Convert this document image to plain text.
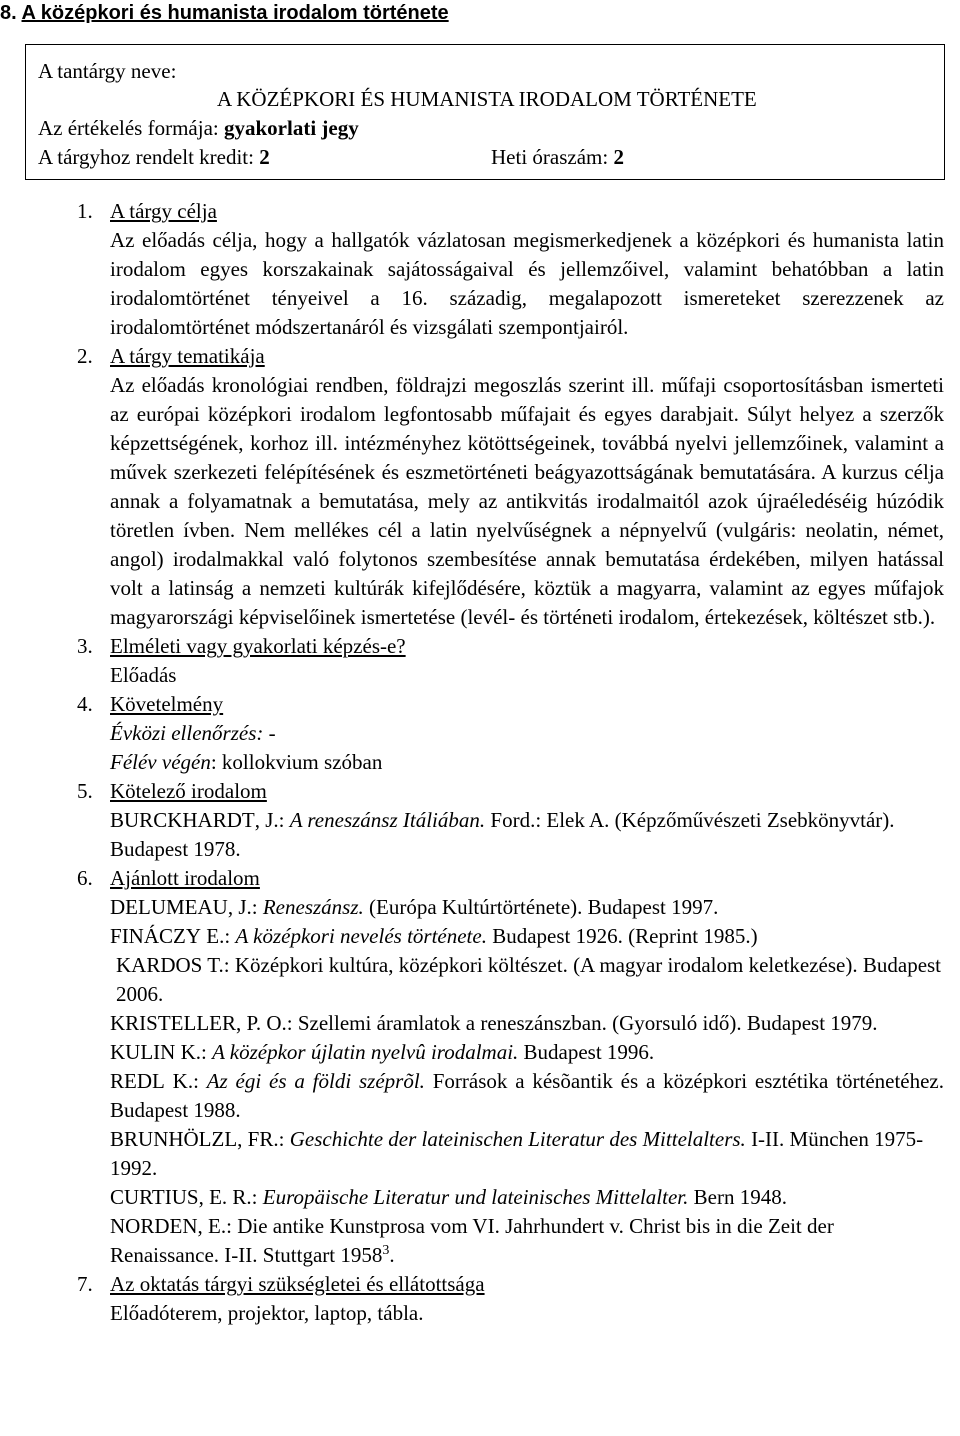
8. A középkori és humanista irodalom története
A tantárgy neve:
A KÖZÉPKORI ÉS HUMANISTA IRODALOM TÖRTÉNETE
Az értékelés formája: gyakorlati jegy
A tárgyhoz rendelt kredit: 2	Heti óraszám: 2
1. A tárgy célja
Az előadás célja, hogy a hallgatók vázlatosan megismerkedjenek a középkori és humanista latin irodalom egyes korszakainak sajátosságaival és jellemzőivel, valamint behatóbban a latin irodalomtörténet tényeivel a 16. századig, megalapozott ismereteket szerezzenek az irodalomtörténet módszertanáról és vizsgálati szempontjairól.
2. A tárgy tematikája
Az előadás kronológiai rendben, földrajzi megoszlás szerint ill. műfaji csoportosításban ismerteti az európai középkori irodalom legfontosabb műfajait és egyes darabjait. Súlyt helyez a szerzők képzettségének, korhoz ill. intézményhez kötöttségeinek, továbbá nyelvi jellemzőinek, valamint a művek szerkezeti felépítésének és eszmetörténeti beágyazottságának bemutatására. A kurzus célja annak a folyamatnak a bemutatása, mely az antikvitás irodalmaitól azok újraéledéséig húzódik töretlen ívben. Nem mellékes cél a latin nyelvűségnek a népnyelvű (vulgáris: neolatin, német, angol) irodalmakkal való folytonos szembesítése annak bemutatása érdekében, milyen hatással volt a latinság a nemzeti kultúrák kifejlődésére, köztük a magyarra, valamint az egyes műfajok magyarországi képviselőinek ismertetése (levél- és történeti irodalom, értekezések, költészet stb.).
3. Elméleti vagy gyakorlati képzés-e?
Előadás
4. Követelmény
Évközi ellenőrzés: -
Félév végén: kollokvium szóban
5. Kötelező irodalom
BURCKHARDT, J.: A reneszánsz Itáliában. Ford.: Elek A. (Képzőművészeti Zsebkönyvtár). Budapest 1978.
6. Ajánlott irodalom
DELUMEAU, J.: Reneszánsz. (Európa Kultúrtörténete). Budapest 1997.
FINÁCZY E.: A középkori nevelés története. Budapest 1926. (Reprint 1985.)
KARDOS T.: Középkori kultúra, középkori költészet. (A magyar irodalom keletkezése). Budapest 2006.
KRISTELLER, P. O.: Szellemi áramlatok a reneszánszban. (Gyorsuló idő). Budapest 1979.
KULIN K.: A középkor újlatin nyelvû irodalmai. Budapest 1996.
REDL K.: Az égi és a földi széprõl. Források a késõantik és a középkori esztétika történetéhez. Budapest 1988.
BRUNHÖLZL, FR.: Geschichte der lateinischen Literatur des Mittelalters. I-II. München 1975-1992.
CURTIUS, E. R.: Europäische Literatur und lateinisches Mittelalter. Bern 1948.
NORDEN, E.: Die antike Kunstprosa vom VI. Jahrhundert v. Christ bis in die Zeit der Renaissance. I-II. Stuttgart 1958$^3$.
7. Az oktatás tárgyi szükségletei és ellátottsága
Előadóterem, projektor, laptop, tábla.
